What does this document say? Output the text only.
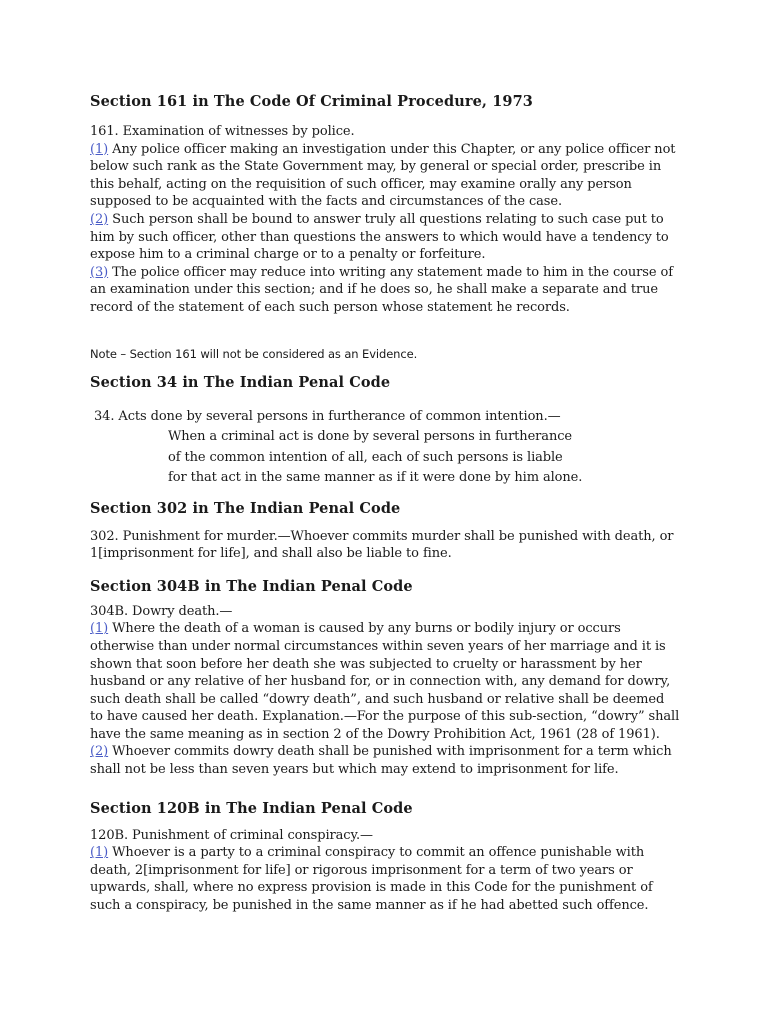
Section 161 in The Code Of Criminal Procedure, 1973

161. Examination of witnesses by police.

(1) Any police officer making an investigation under this Chapter, or any police officer not below such rank as the State Government may, by general or special order, prescribe in this behalf, acting on the requisition of such officer, may examine orally any person supposed to be acquainted with the facts and circumstances of the case.

(2) Such person shall be bound to answer truly all questions relating to such case put to him by such officer, other than questions the answers to which would have a tendency to expose him to a criminal charge or to a penalty or forfeiture.

(3) The police officer may reduce into writing any statement made to him in the course of an examination under this section; and if he does so, he shall make a separate and true record of the statement of each such person whose statement he records.

Note – Section 161 will not be considered as an Evidence.

Section 34 in The Indian Penal Code

34. Acts done by several persons in furtherance of common intention.—

When a criminal act is done by several persons in furtherance

of the common intention of all, each of such persons is liable

for that act in the same manner as if it were done by him alone.

Section 302 in The Indian Penal Code

302. Punishment for murder.—Whoever commits murder shall be punished with death, or 1[imprisonment for life], and shall also be liable to fine.

Section 304B in The Indian Penal Code

304B. Dowry death.—

(1) Where the death of a woman is caused by any burns or bodily injury or occurs otherwise than under normal circumstances within seven years of her marriage and it is shown that soon before her death she was subjected to cruelty or harassment by her husband or any relative of her husband for, or in connection with, any demand for dowry, such death shall be called “dowry death”, and such husband or relative shall be deemed to have caused her death. Explanation.—For the purpose of this sub-section, “dowry” shall have the same meaning as in section 2 of the Dowry Prohibition Act, 1961 (28 of 1961).

(2) Whoever commits dowry death shall be punished with imprisonment for a term which shall not be less than seven years but which may extend to imprisonment for life.

Section 120B in The Indian Penal Code

120B. Punishment of criminal conspiracy.—

(1) Whoever is a party to a criminal conspiracy to commit an offence punishable with death, 2[imprisonment for life] or rigorous imprisonment for a term of two years or upwards, shall, where no express provision is made in this Code for the punishment of such a conspiracy, be punished in the same manner as if he had abetted such offence.
